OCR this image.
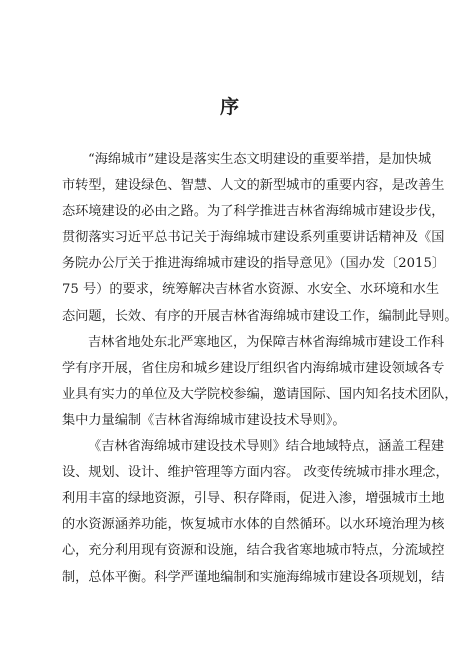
序
“海绵城市”建设是落实生态文明建设的重要举措，是加快城
市转型，建设绿色、智慧、人文的新型城市的重要内容，是改善生
态环境建设的必由之路。为了科学推进吉林省海绵城市建设步伐，
贯彻落实习近平总书记关于海绵城市建设系列重要讲话精神及《国
务院办公厅关于推进海绵城市建设的指导意见》（国办发〔2015〕
75 号）的要求，统筹解决吉林省水资源、水安全、水环境和水生
态问题，长效、有序的开展吉林省海绵城市建设工作，编制此导则。
吉林省地处东北严寒地区，为保障吉林省海绵城市建设工作科
学有序开展，省住房和城乡建设厅组织省内海绵城市建设领域各专
业具有实力的单位及大学院校参编，邀请国际、国内知名技术团队，
集中力量编制《吉林省海绵城市建设技术导则》。
《吉林省海绵城市建设技术导则》结合地域特点，涵盖工程建
设、规划、设计、维护管理等方面内容。 改变传统城市排水理念，
利用丰富的绿地资源，引导、积存降雨，促进入渗，增强城市土地
的水资源涵养功能，恢复城市水体的自然循环。以水环境治理为核
心，充分利用现有资源和设施，结合我省寒地城市特点，分流域控
制，总体平衡。科学严谨地编制和实施海绵城市建设各项规划，结
